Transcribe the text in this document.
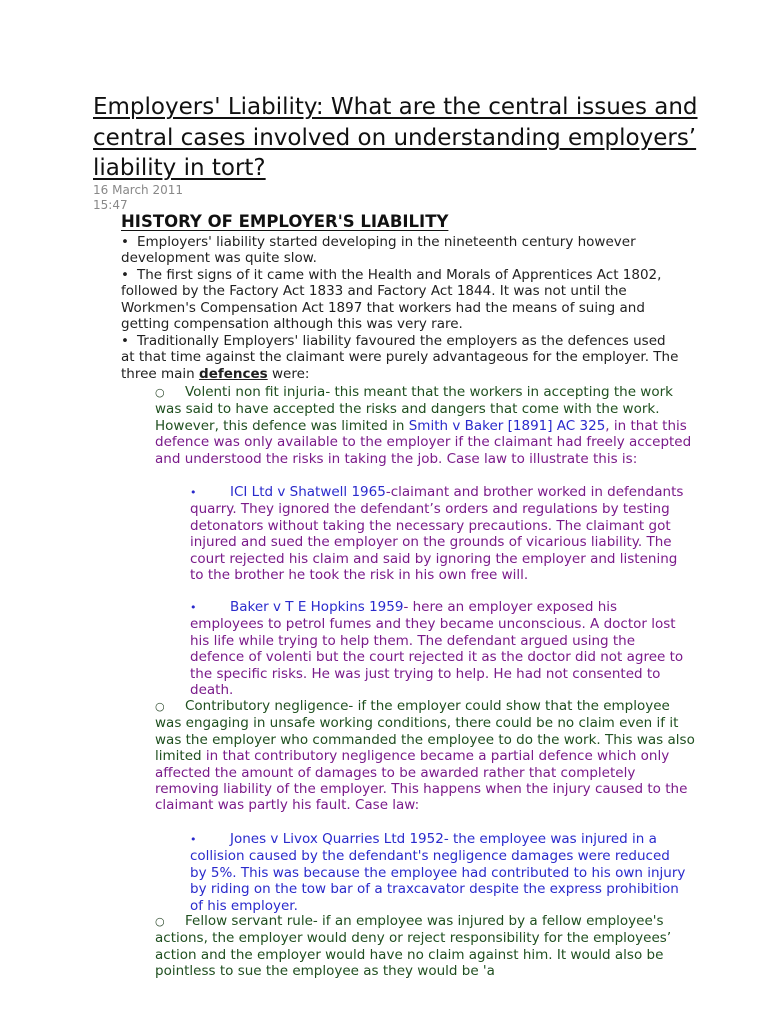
Employers' Liability: What are the central issues and central cases involved on understanding employers’ liability in tort?
16 March 2011
15:47
HISTORY OF EMPLOYER'S LIABILITY
• Employers' liability started developing in the nineteenth century however development was quite slow.
• The first signs of it came with the Health and Morals of Apprentices Act 1802, followed by the Factory Act 1833 and Factory Act 1844. It was not until the Workmen's Compensation Act 1897 that workers had the means of suing and getting compensation although this was very rare.
• Traditionally Employers' liability favoured the employers as the defences used at that time against the claimant were purely advantageous for the employer. The three main defences were:
○ Volenti non fit injuria- this meant that the workers in accepting the work was said to have accepted the risks and dangers that come with the work. However, this defence was limited in Smith v Baker [1891] AC 325, in that this defence was only available to the employer if the claimant had freely accepted and understood the risks in taking the job. Case law to illustrate this is:
• ICI Ltd v Shatwell 1965-claimant and brother worked in defendants quarry. They ignored the defendant’s orders and regulations by testing detonators without taking the necessary precautions. The claimant got injured and sued the employer on the grounds of vicarious liability. The court rejected his claim and said by ignoring the employer and listening to the brother he took the risk in his own free will.
• Baker v T E Hopkins 1959- here an employer exposed his employees to petrol fumes and they became unconscious. A doctor lost his life while trying to help them. The defendant argued using the defence of volenti but the court rejected it as the doctor did not agree to the specific risks. He was just trying to help. He had not consented to death.
○ Contributory negligence- if the employer could show that the employee was engaging in unsafe working conditions, there could be no claim even if it was the employer who commanded the employee to do the work. This was also limited in that contributory negligence became a partial defence which only affected the amount of damages to be awarded rather that completely removing liability of the employer. This happens when the injury caused to the claimant was partly his fault. Case law:
• Jones v Livox Quarries Ltd 1952- the employee was injured in a collision caused by the defendant's negligence damages were reduced by 5%. This was because the employee had contributed to his own injury by riding on the tow bar of a traxcavator despite the express prohibition of his employer.
○ Fellow servant rule- if an employee was injured by a fellow employee's actions, the employer would deny or reject responsibility for the employees’ action and the employer would have no claim against him. It would also be pointless to sue the employee as they would be 'a
